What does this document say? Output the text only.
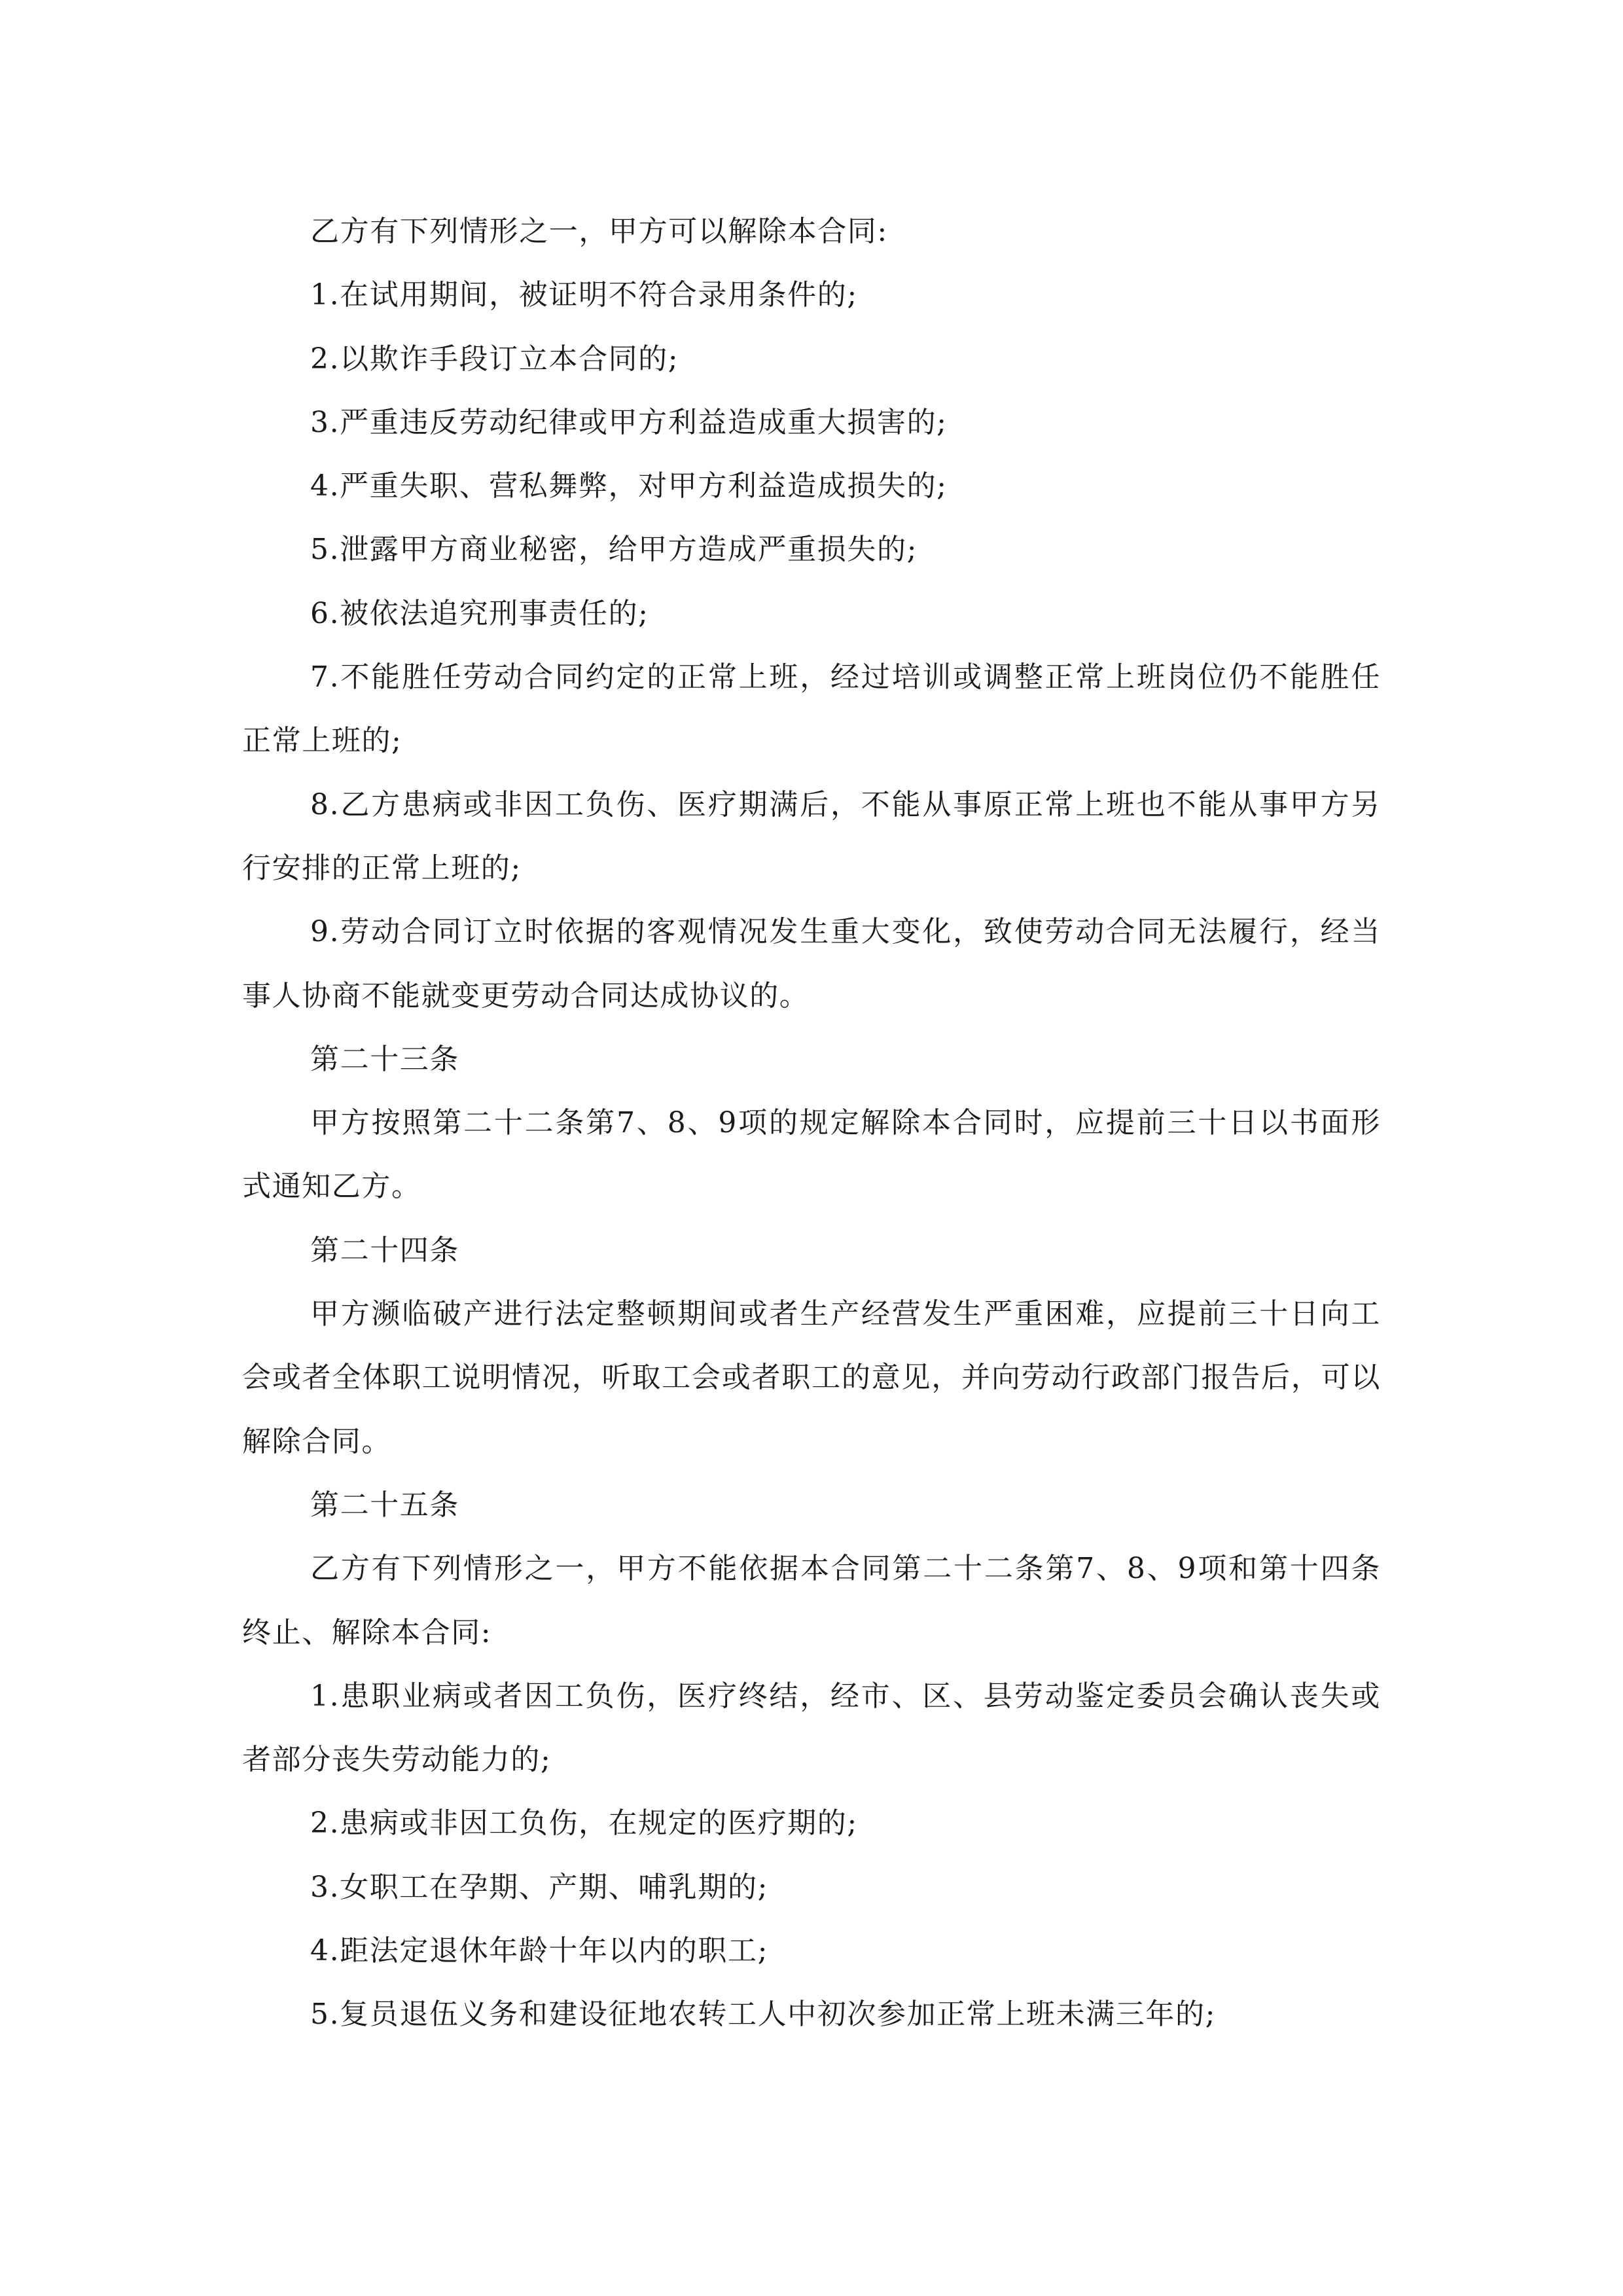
乙方有下列情形之一，甲方可以解除本合同:

1.在试用期间，被证明不符合录用条件的;

2.以欺诈手段订立本合同的;

3.严重违反劳动纪律或甲方利益造成重大损害的;

4.严重失职、营私舞弊，对甲方利益造成损失的;

5.泄露甲方商业秘密，给甲方造成严重损失的;

6.被依法追究刑事责任的;

7.不能胜任劳动合同约定的正常上班，经过培训或调整正常上班岗位仍不能胜任正常上班的;

8.乙方患病或非因工负伤、医疗期满后，不能从事原正常上班也不能从事甲方另行安排的正常上班的;

9.劳动合同订立时依据的客观情况发生重大变化，致使劳动合同无法履行，经当事人协商不能就变更劳动合同达成协议的。

第二十三条

甲方按照第二十二条第7、8、9项的规定解除本合同时，应提前三十日以书面形式通知乙方。

第二十四条

甲方濒临破产进行法定整顿期间或者生产经营发生严重困难，应提前三十日向工会或者全体职工说明情况，听取工会或者职工的意见，并向劳动行政部门报告后，可以解除合同。

第二十五条

乙方有下列情形之一，甲方不能依据本合同第二十二条第7、8、9项和第十四条终止、解除本合同:

1.患职业病或者因工负伤，医疗终结，经市、区、县劳动鉴定委员会确认丧失或者部分丧失劳动能力的;

2.患病或非因工负伤，在规定的医疗期的;

3.女职工在孕期、产期、哺乳期的;

4.距法定退休年龄十年以内的职工;

5.复员退伍义务和建设征地农转工人中初次参加正常上班未满三年的;
